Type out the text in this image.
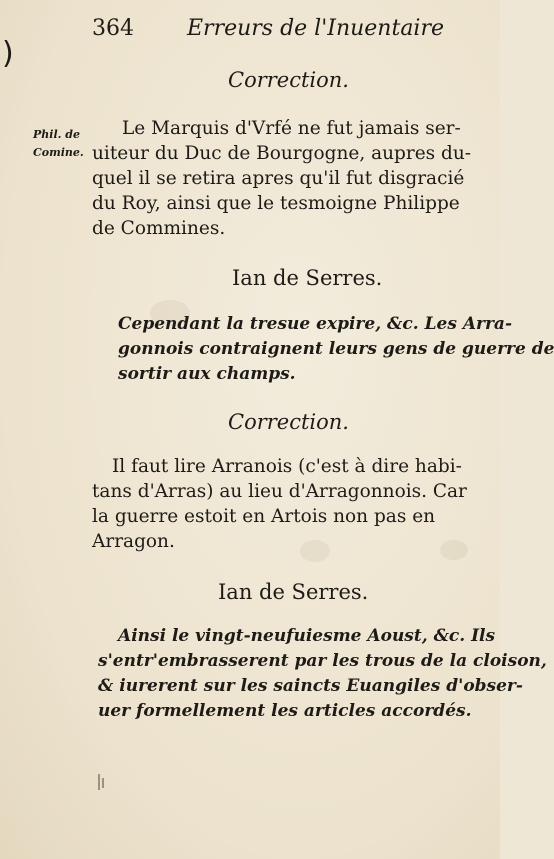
364 Erreurs de l'Inuentaire
)
Phil. de
Comine.
Correction.
Le Marquis d'Vrfé ne fut jamais ser-
uiteur du Duc de Bourgogne, aupres du-
quel il se retira apres qu'il fut disgracié
du Roy, ainsi que le tesmoigne Philippe
de Commines.
Ian de Serres.
Cependant la tresue expire, &c. Les Arra-
gonnois contraignent leurs gens de guerre de
sortir aux champs.
Correction.
Il faut lire Arranois (c'est à dire habi-
tans d'Arras) au lieu d'Arragonnois. Car
la guerre estoit en Artois non pas en
Arragon.
Ian de Serres.
Ainsi le vingt-neufuiesme Aoust, &c. Ils
s'entr'embrasserent par les trous de la cloison,
& iurerent sur les saincts Euangiles d'obser-
uer formellement les articles accordés.
